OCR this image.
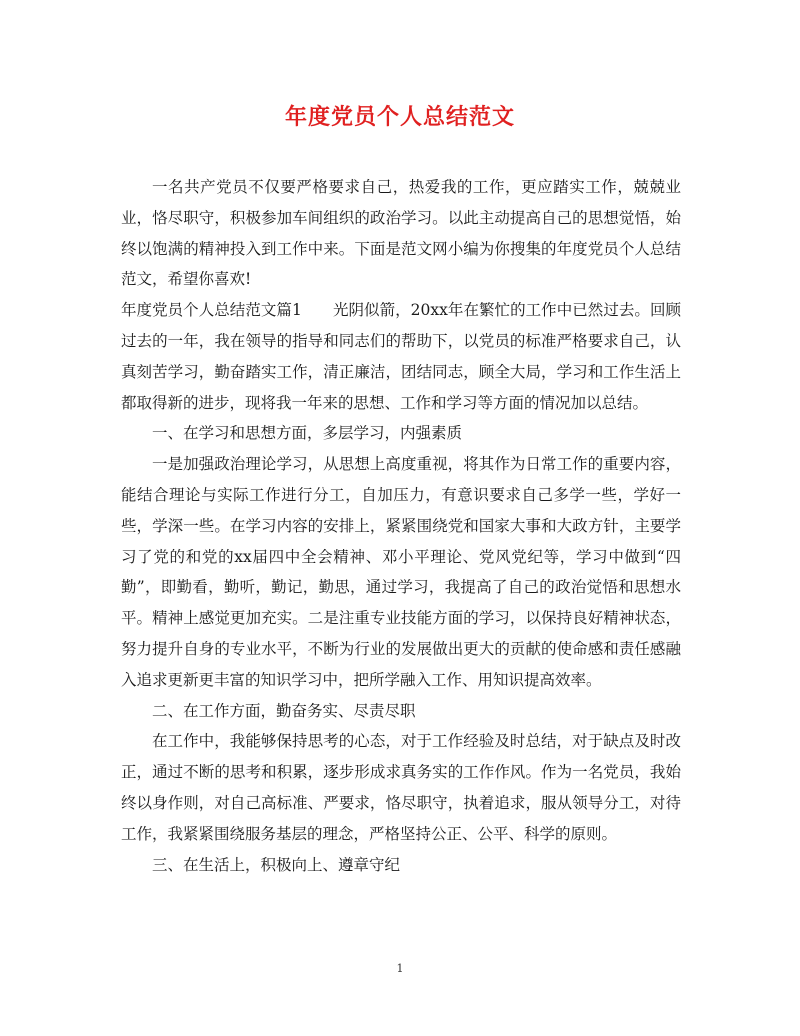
年度党员个人总结范文

一名共产党员不仅要严格要求自己，热爱我的工作，更应踏实工作，兢兢业业，恪尽职守，积极参加车间组织的政治学习。以此主动提高自己的思想觉悟，始终以饱满的精神投入到工作中来。下面是范文网小编为你搜集的年度党员个人总结范文，希望你喜欢!

年度党员个人总结范文篇1　　光阴似箭，20xx年在繁忙的工作中已然过去。回顾过去的一年，我在领导的指导和同志们的帮助下，以党员的标准严格要求自己，认真刻苦学习，勤奋踏实工作，清正廉洁，团结同志，顾全大局，学习和工作生活上都取得新的进步，现将我一年来的思想、工作和学习等方面的情况加以总结。

一、在学习和思想方面，多层学习，内强素质

一是加强政治理论学习，从思想上高度重视，将其作为日常工作的重要内容，能结合理论与实际工作进行分工，自加压力，有意识要求自己多学一些，学好一些，学深一些。在学习内容的安排上，紧紧围绕党和国家大事和大政方针，主要学习了党的和党的xx届四中全会精神、邓小平理论、党风党纪等，学习中做到“四勤”，即勤看，勤听，勤记，勤思，通过学习，我提高了自己的政治觉悟和思想水平。精神上感觉更加充实。二是注重专业技能方面的学习，以保持良好精神状态，努力提升自身的专业水平，不断为行业的发展做出更大的贡献的使命感和责任感融入追求更新更丰富的知识学习中，把所学融入工作、用知识提高效率。

二、在工作方面，勤奋务实、尽责尽职

在工作中，我能够保持思考的心态，对于工作经验及时总结，对于缺点及时改正，通过不断的思考和积累，逐步形成求真务实的工作作风。作为一名党员，我始终以身作则，对自己高标准、严要求，恪尽职守，执着追求，服从领导分工，对待工作，我紧紧围绕服务基层的理念，严格坚持公正、公平、科学的原则。

三、在生活上，积极向上、遵章守纪

1
